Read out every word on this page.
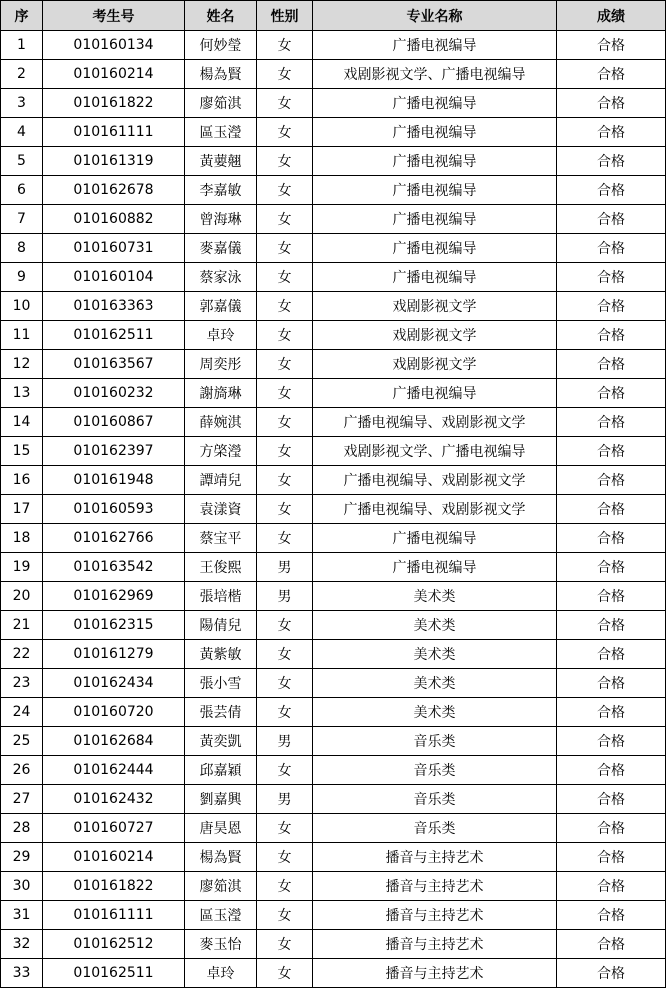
序	考生号	姓名	性别	专业名称	成绩
1	010160134	何妙瑩	女	广播电视编导	合格
2	010160214	楊為賢	女	戏剧影视文学、广播电视编导	合格
3	010161822	廖筎淇	女	广播电视编导	合格
4	010161111	區玉瀅	女	广播电视编导	合格
5	010161319	黃葽翹	女	广播电视编导	合格
6	010162678	李嘉敏	女	广播电视编导	合格
7	010160882	曾海琳	女	广播电视编导	合格
8	010160731	麥嘉儀	女	广播电视编导	合格
9	010160104	蔡家泳	女	广播电视编导	合格
10	010163363	郭嘉儀	女	戏剧影视文学	合格
11	010162511	卓玲	女	戏剧影视文学	合格
12	010163567	周奕彤	女	戏剧影视文学	合格
13	010160232	謝旖琳	女	广播电视编导	合格
14	010160867	薛婉淇	女	广播电视编导、戏剧影视文学	合格
15	010162397	方棨瀅	女	戏剧影视文学、广播电视编导	合格
16	010161948	譚靖兒	女	广播电视编导、戏剧影视文学	合格
17	010160593	袁漾資	女	广播电视编导、戏剧影视文学	合格
18	010162766	蔡宝平	女	广播电视编导	合格
19	010163542	王俊熙	男	广播电视编导	合格
20	010162969	張培楷	男	美术类	合格
21	010162315	陽倩兒	女	美术类	合格
22	010161279	黃紫敏	女	美术类	合格
23	010162434	張小雪	女	美术类	合格
24	010160720	張芸倩	女	美术类	合格
25	010162684	黃奕凱	男	音乐类	合格
26	010162444	邱嘉穎	女	音乐类	合格
27	010162432	劉嘉興	男	音乐类	合格
28	010160727	唐昊恩	女	音乐类	合格
29	010160214	楊為賢	女	播音与主持艺术	合格
30	010161822	廖筎淇	女	播音与主持艺术	合格
31	010161111	區玉瀅	女	播音与主持艺术	合格
32	010162512	麥玉怡	女	播音与主持艺术	合格
33	010162511	卓玲	女	播音与主持艺术	合格
